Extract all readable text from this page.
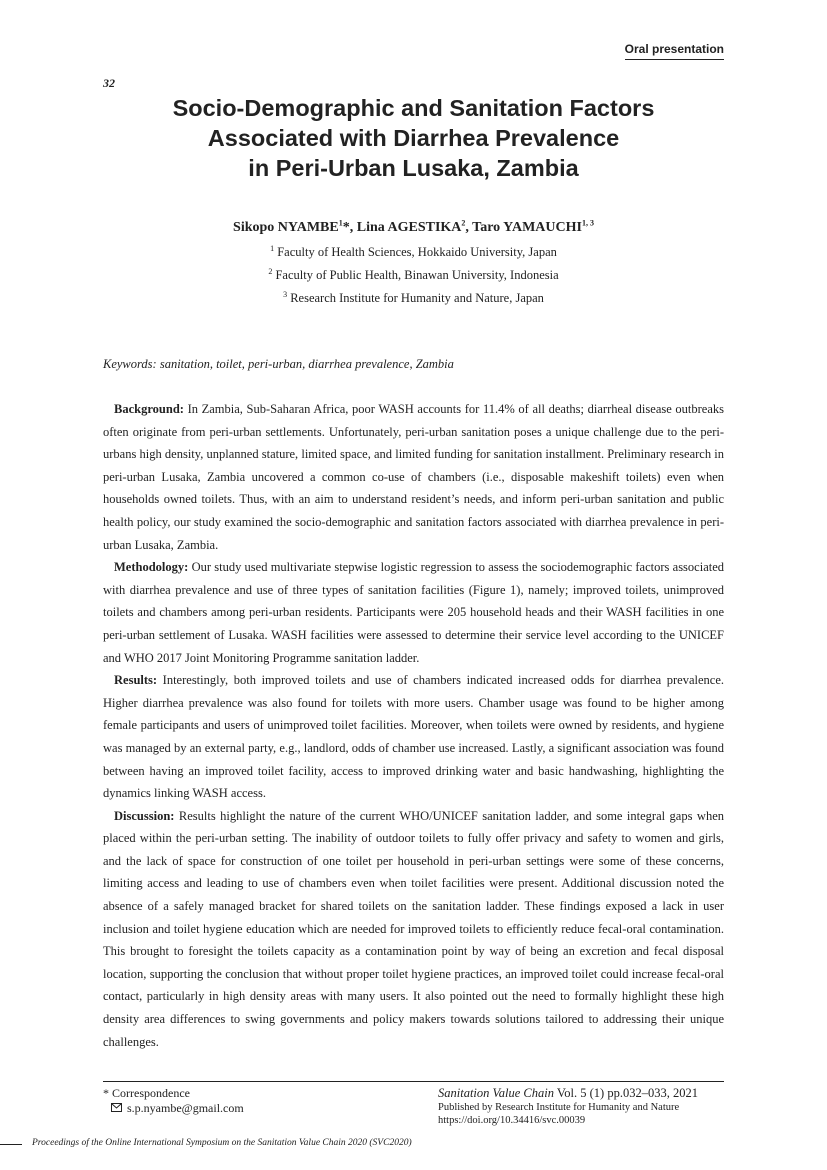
Oral presentation
32
Socio-Demographic and Sanitation Factors
Associated with Diarrhea Prevalence
in Peri-Urban Lusaka, Zambia
Sikopo NYAMBE$^1$*, Lina AGESTIKA$^2$, Taro YAMAUCHI$^{1, 3}$
$^1$ Faculty of Health Sciences, Hokkaido University, Japan
$^2$ Faculty of Public Health, Binawan University, Indonesia
$^3$ Research Institute for Humanity and Nature, Japan
Keywords: sanitation, toilet, peri-urban, diarrhea prevalence, Zambia

Background: In Zambia, Sub-Saharan Africa, poor WASH accounts for 11.4% of all deaths; diarrheal disease outbreaks often originate from peri-urban settlements. Unfortunately, peri-urban sanitation poses a unique challenge due to the peri-urbans high density, unplanned stature, limited space, and limited funding for sanitation installment. Preliminary research in peri-urban Lusaka, Zambia uncovered a common co-use of chambers (i.e., disposable makeshift toilets) even when households owned toilets. Thus, with an aim to understand resident’s needs, and inform peri-urban sanitation and public health policy, our study examined the socio-demographic and sanitation factors associated with diarrhea prevalence in peri-urban Lusaka, Zambia.

Methodology: Our study used multivariate stepwise logistic regression to assess the sociodemographic factors associated with diarrhea prevalence and use of three types of sanitation facilities (Figure 1), namely; improved toilets, unimproved toilets and chambers among peri-urban residents. Participants were 205 household heads and their WASH facilities in one peri-urban settlement of Lusaka. WASH facilities were assessed to determine their service level according to the UNICEF and WHO 2017 Joint Monitoring Programme sanitation ladder.

Results: Interestingly, both improved toilets and use of chambers indicated increased odds for diarrhea prevalence. Higher diarrhea prevalence was also found for toilets with more users. Chamber usage was found to be higher among female participants and users of unimproved toilet facilities. Moreover, when toilets were owned by residents, and hygiene was managed by an external party, e.g., landlord, odds of chamber use increased. Lastly, a significant association was found between having an improved toilet facility, access to improved drinking water and basic handwashing, highlighting the dynamics linking WASH access.

Discussion: Results highlight the nature of the current WHO/UNICEF sanitation ladder, and some integral gaps when placed within the peri-urban setting. The inability of outdoor toilets to fully offer privacy and safety to women and girls, and the lack of space for construction of one toilet per household in peri-urban settings were some of these concerns, limiting access and leading to use of chambers even when toilet facilities were present. Additional discussion noted the absence of a safely managed bracket for shared toilets on the sanitation ladder. These findings exposed a lack in user inclusion and toilet hygiene education which are needed for improved toilets to efficiently reduce fecal-oral contamination. This brought to foresight the toilets capacity as a contamination point by way of being an excretion and fecal disposal location, supporting the conclusion that without proper toilet hygiene practices, an improved toilet could increase fecal-oral contact, particularly in high density areas with many users. It also pointed out the need to formally highlight these high density area differences to swing governments and policy makers towards solutions tailored to addressing their unique challenges.

* Correspondence
s.p.nyambe@gmail.com
Sanitation Value Chain Vol. 5 (1) pp.032–033, 2021
Published by Research Institute for Humanity and Nature
https://doi.org/10.34416/svc.00039
Proceedings of the Online International Symposium on the Sanitation Value Chain 2020 (SVC2020)
